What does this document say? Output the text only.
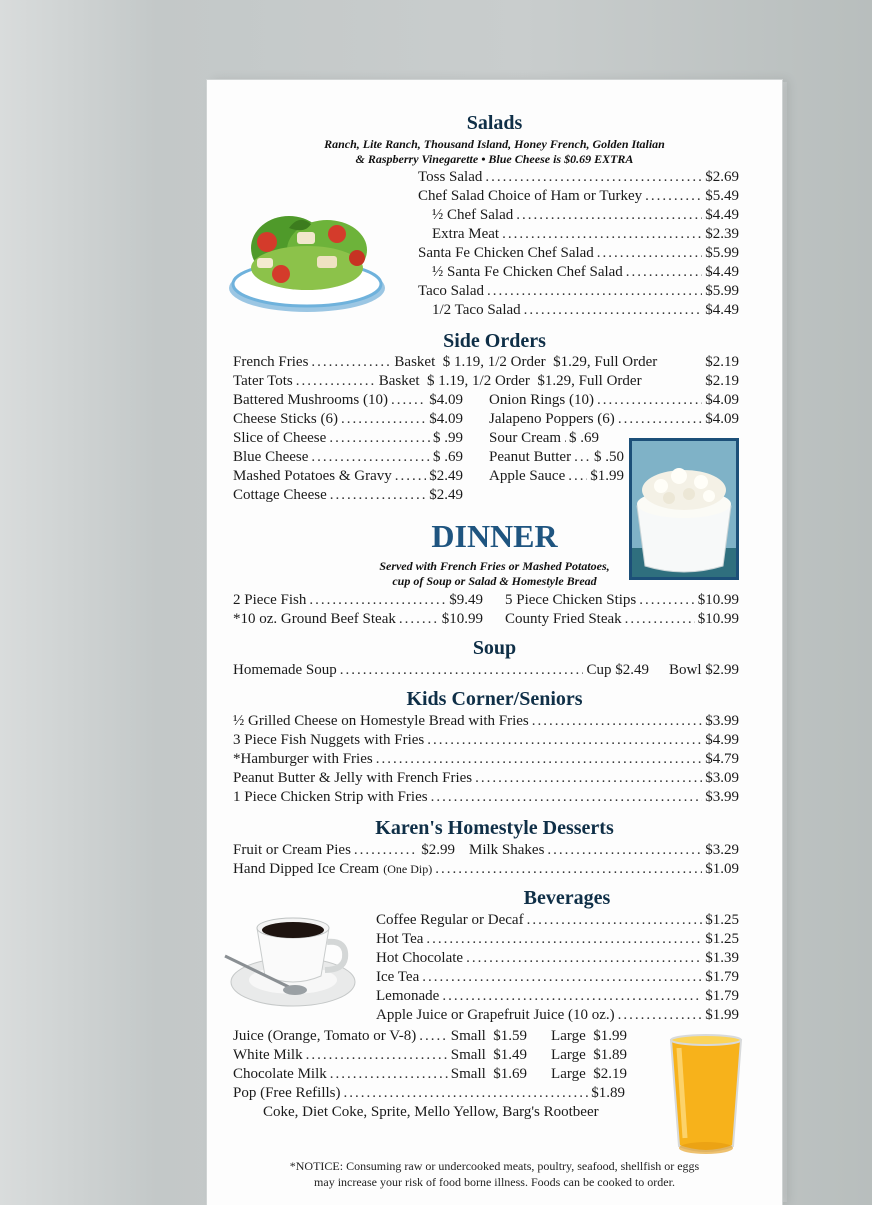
Salads
Ranch, Lite Ranch, Thousand Island, Honey French, Golden Italian
& Raspberry Vinegarette • Blue Cheese is $0.69 EXTRA
Toss Salad .....	$2.69
Chef Salad Choice of Ham or Turkey .....	$5.49
½ Chef Salad .....	$4.49
Extra Meat .....	$2.39
Santa Fe Chicken Chef Salad .....	$5.99
½ Santa Fe Chicken Chef Salad .....	$4.49
Taco Salad .....	$5.99
1/2 Taco Salad .....	$4.49
Side Orders
French Fries .....	Basket  $ 1.19, 1/2 Order  $1.29, Full Order	$2.19
Tater Tots .....	Basket  $ 1.19, 1/2 Order  $1.29, Full Order	$2.19
Battered Mushrooms (10) .....	$4.09
Cheese Sticks (6) .....	$4.09
Slice of Cheese .....	$ .99
Blue Cheese .....	$ .69
Mashed Potatoes & Gravy .....	$2.49
Cottage Cheese .....	$2.49
Onion Rings (10) .....	$4.09
Jalapeno Poppers (6) .....	$4.09
Sour Cream ..... $ .69
Peanut Butter ..... $ .50
Apple Sauce ..... $1.99
DINNER
Served with French Fries or Mashed Potatoes,
cup of Soup or Salad & Homestyle Bread
2 Piece Fish .....	$9.49
*10 oz. Ground Beef Steak .....	$10.99
5 Piece Chicken Stips .....	$10.99
County Fried Steak .....	$10.99
Soup
Homemade Soup .....	Cup $2.49 Bowl $2.99
Kids Corner/Seniors
½ Grilled Cheese on Homestyle Bread with Fries .....	$3.99
3 Piece Fish Nuggets with Fries .....	$4.99
*Hamburger with Fries .....	$4.79
Peanut Butter & Jelly with French Fries .....	$3.09
1 Piece Chicken Strip with Fries .....	$3.99
Karen's Homestyle Desserts
Fruit or Cream Pies .....	$2.99 Milk Shakes .....	$3.29
Hand Dipped Ice Cream (One Dip) .....	$1.09
Beverages
Coffee Regular or Decaf .....	$1.25
Hot Tea .....	$1.25
Hot Chocolate .....	$1.39
Ice Tea .....	$1.79
Lemonade .....	$1.79
Apple Juice or Grapefruit Juice (10 oz.) .....	$1.99
Juice (Orange, Tomato or V-8) ..... Small  $1.59 Large  $1.99
White Milk .....	Small  $1.49 Large  $1.89
Chocolate Milk .....	Small  $1.69 Large  $2.19
Pop (Free Refills) .....	$1.89
Coke, Diet Coke, Sprite, Mello Yellow, Barg's Rootbeer
*NOTICE: Consuming raw or undercooked meats, poultry, seafood, shellfish or eggs
may increase your risk of food borne illness. Foods can be cooked to order.
